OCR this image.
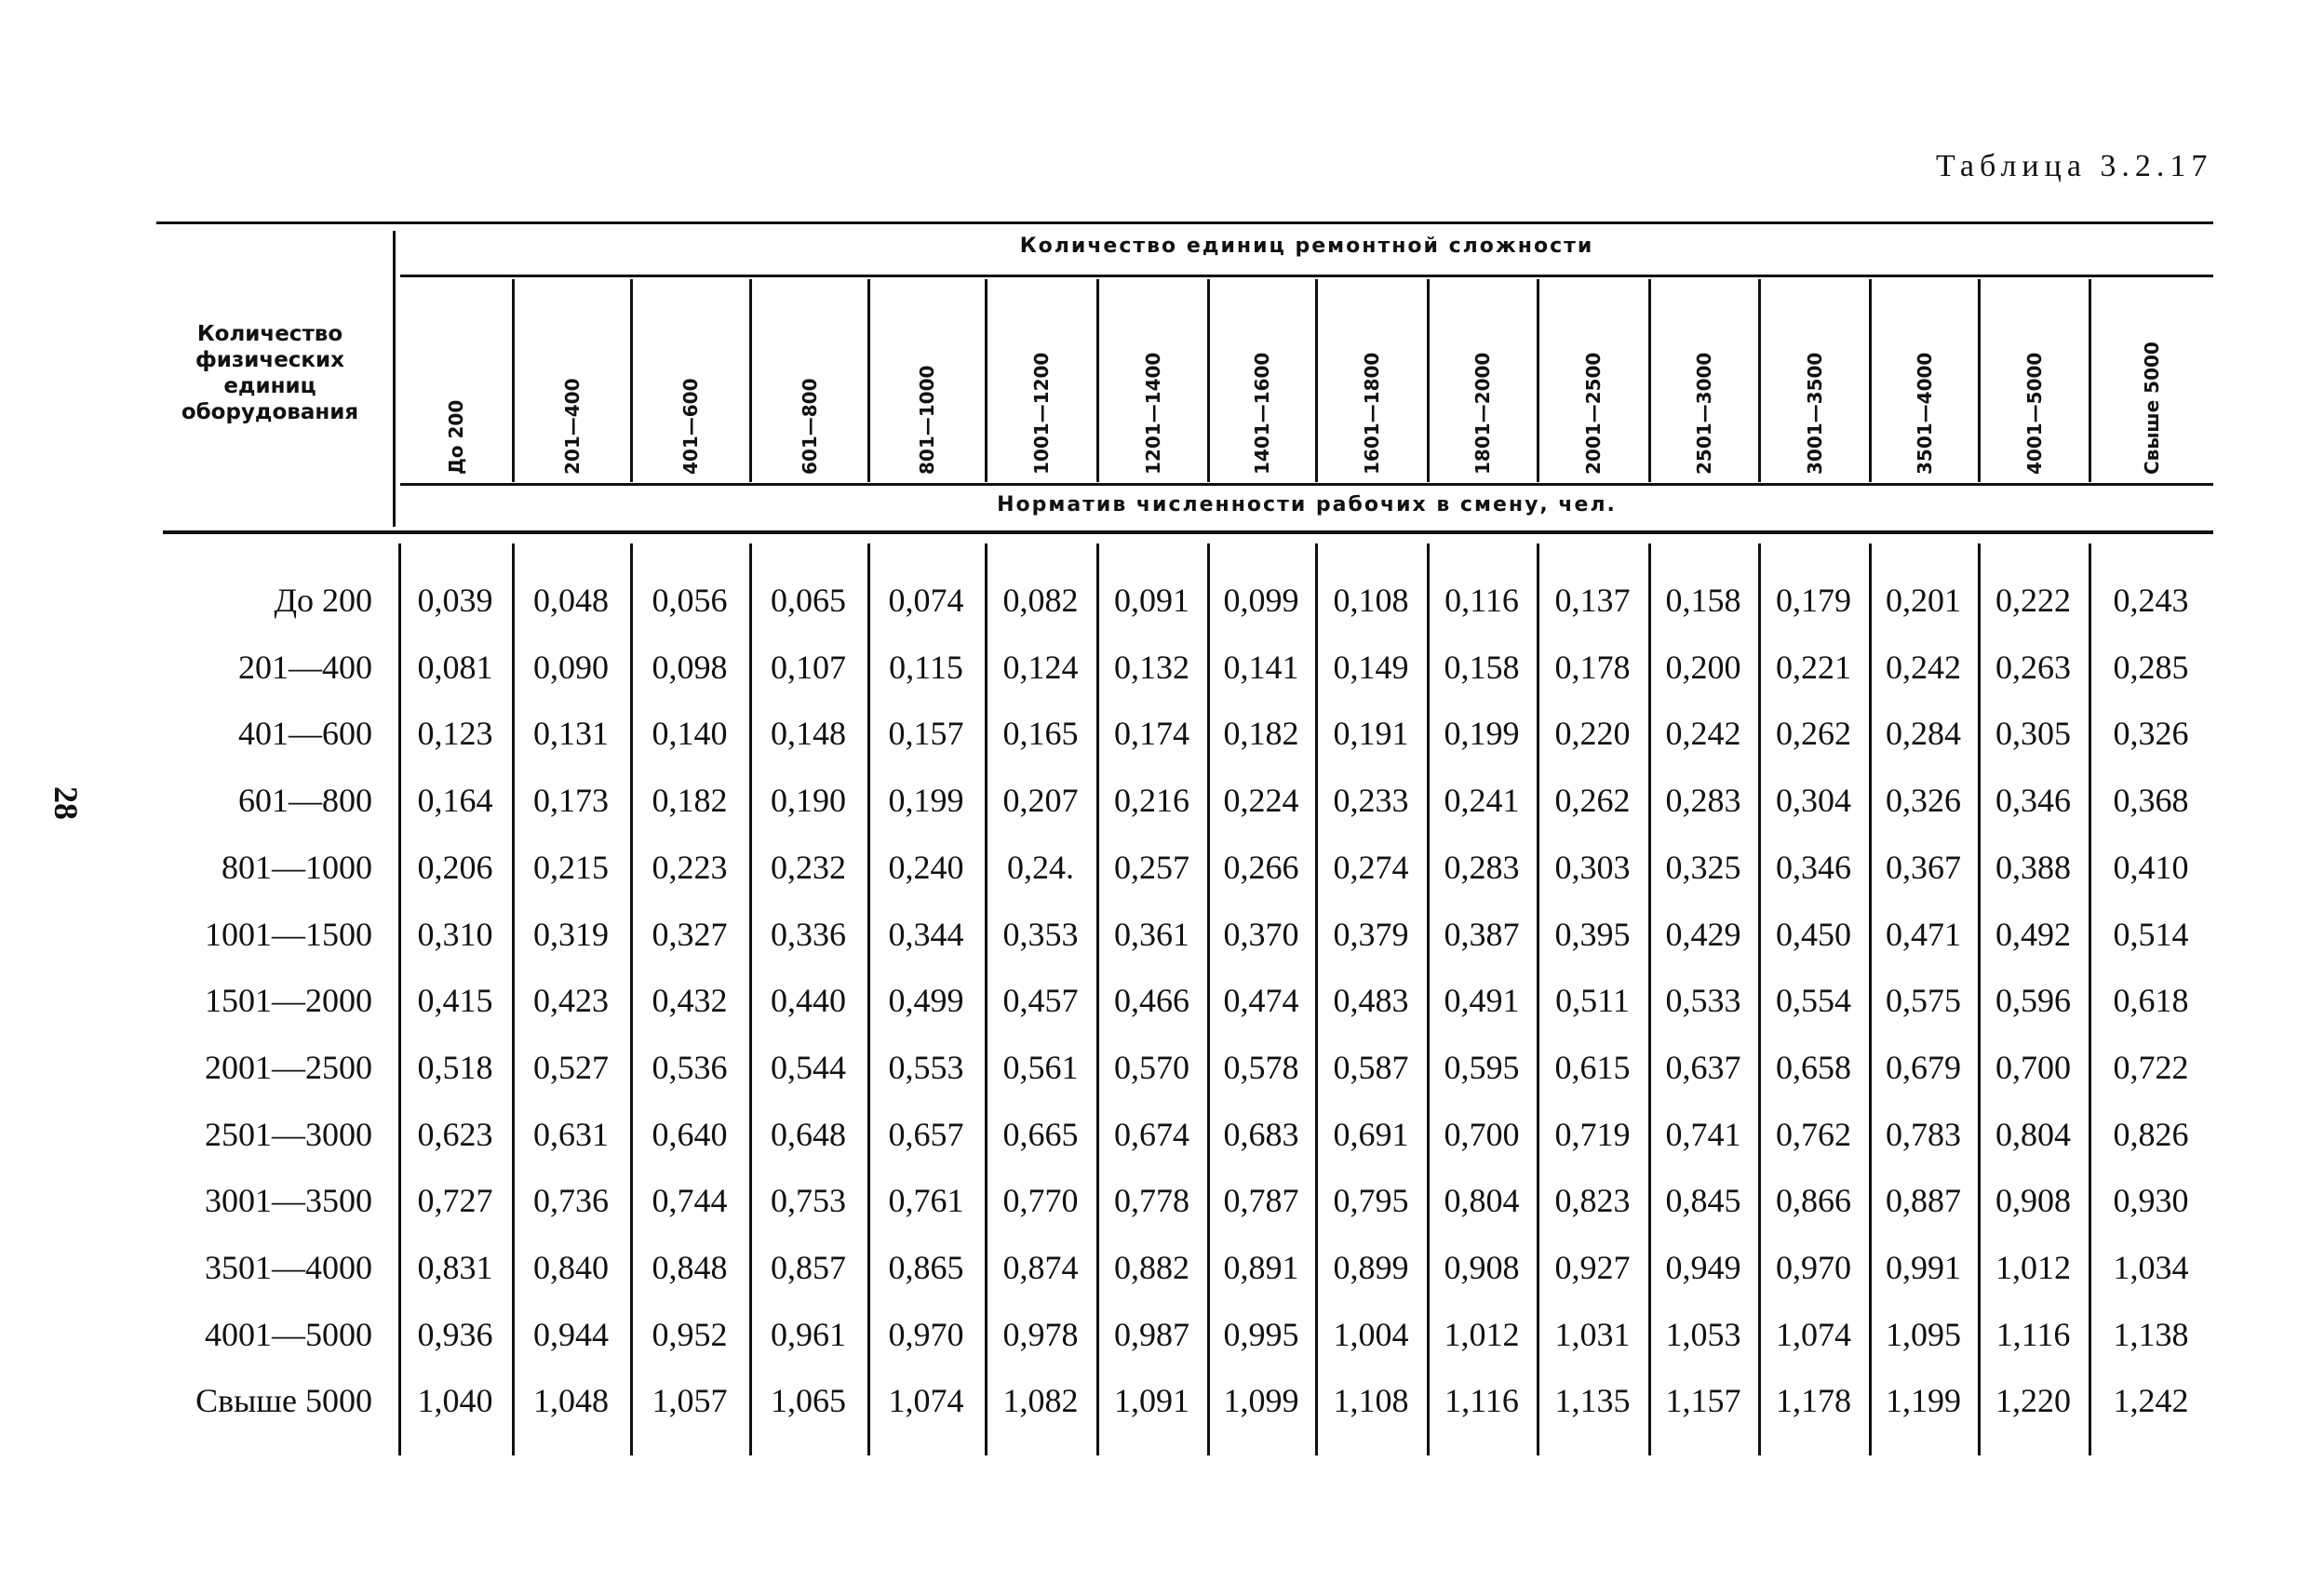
28
Таблица 3.2.17
Количество физических единиц оборудования
Количество единиц ремонтной сложности
Норматив численности рабочих в смену, чел.
До 200	201—400	401—600	601—800	801—1000	1001—1200	1201—1400	1401—1600	1601—1800	1801—2000	2001—2500	2501—3000	3001—3500	3501—4000	4001—5000	Свыше 5000
До 200	0,039	0,048	0,056	0,065	0,074	0,082	0,091	0,099	0,108	0,116	0,137	0,158	0,179	0,201	0,222	0,243
201—400	0,081	0,090	0,098	0,107	0,115	0,124	0,132	0,141	0,149	0,158	0,178	0,200	0,221	0,242	0,263	0,285
401—600	0,123	0,131	0,140	0,148	0,157	0,165	0,174	0,182	0,191	0,199	0,220	0,242	0,262	0,284	0,305	0,326
601—800	0,164	0,173	0,182	0,190	0,199	0,207	0,216	0,224	0,233	0,241	0,262	0,283	0,304	0,326	0,346	0,368
801—1000	0,206	0,215	0,223	0,232	0,240	0,24.	0,257	0,266	0,274	0,283	0,303	0,325	0,346	0,367	0,388	0,410
1001—1500	0,310	0,319	0,327	0,336	0,344	0,353	0,361	0,370	0,379	0,387	0,395	0,429	0,450	0,471	0,492	0,514
1501—2000	0,415	0,423	0,432	0,440	0,499	0,457	0,466	0,474	0,483	0,491	0,511	0,533	0,554	0,575	0,596	0,618
2001—2500	0,518	0,527	0,536	0,544	0,553	0,561	0,570	0,578	0,587	0,595	0,615	0,637	0,658	0,679	0,700	0,722
2501—3000	0,623	0,631	0,640	0,648	0,657	0,665	0,674	0,683	0,691	0,700	0,719	0,741	0,762	0,783	0,804	0,826
3001—3500	0,727	0,736	0,744	0,753	0,761	0,770	0,778	0,787	0,795	0,804	0,823	0,845	0,866	0,887	0,908	0,930
3501—4000	0,831	0,840	0,848	0,857	0,865	0,874	0,882	0,891	0,899	0,908	0,927	0,949	0,970	0,991	1,012	1,034
4001—5000	0,936	0,944	0,952	0,961	0,970	0,978	0,987	0,995	1,004	1,012	1,031	1,053	1,074	1,095	1,116	1,138
Свыше 5000	1,040	1,048	1,057	1,065	1,074	1,082	1,091	1,099	1,108	1,116	1,135	1,157	1,178	1,199	1,220	1,242
